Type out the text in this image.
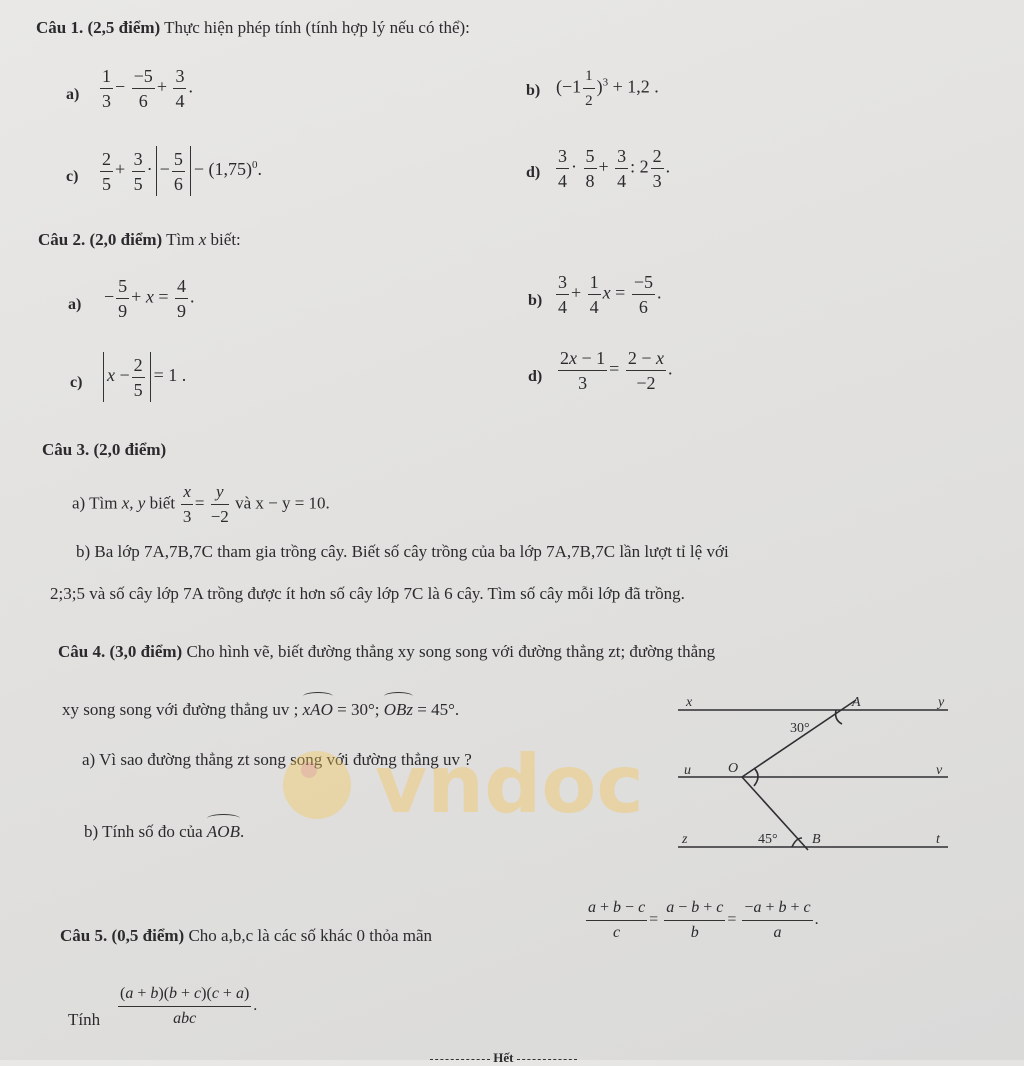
Câu 1. (2,5 điểm) Thực hiện phép tính (tính hợp lý nếu có thể):
$a) \frac{1}{3} - \frac{-5}{6} + \frac{3}{4}$ .	b) $(-1 \frac{1}{2} )^3 + 1,2$ .
$c) \frac{2}{5} + \frac{3}{5}$ · − $\frac{5}{6} - (1,75)^0$.	$d) \frac{3}{4} \cdot \frac{5}{8} + \frac{3}{4}$ : $2 \frac{2}{3}$ .
Câu 2. (2,0 điểm) Tìm x biết:
$a) - \frac{5}{9} + x = \frac{4}{9}$ .	$b) \frac{3}{4} + \frac{1}{4}$ $x = \frac{-5}{6}$ .
c)	$x - \frac{2}{5} = 1$ .	$d) \frac{2x - 1}{3} = \frac{2 - x}{-2}$ .
Câu 3. (2,0 điểm)
a) Tìm x, y biết $\frac{x}{3} = \frac{y}{-2}$ và x − y = 10.
b) Ba lớp 7A,7B,7C tham gia trồng cây. Biết số cây trồng của ba lớp 7A,7B,7C lần lượt tỉ lệ với
2;3;5 và số cây lớp 7A trồng được ít hơn số cây lớp 7C là 6 cây. Tìm số cây mỗi lớp đã trồng.
Câu 4. (3,0 điểm) Cho hình vẽ, biết đường thẳng xy song song với đường thẳng zt; đường thẳng
xy song song với đường thẳng uv ; xAO = 30°; OBz = 45°.
a) Vì sao đường thẳng zt song song với đường thẳng uv ?
b) Tính số đo của AOB.
x	y
A
30°
u	O	v
z	45° B	t
vndoc
Câu 5. (0,5 điểm) Cho a,b,c là các số khác 0 thỏa mãn	$\frac{a + b - c}{c} = \frac{a - b + c}{b} = \frac{-a + b + c}{a}$ .
Tính $\frac{(a + b)(b + c)(c + a)}{\text{abc}}$ .
Hết
